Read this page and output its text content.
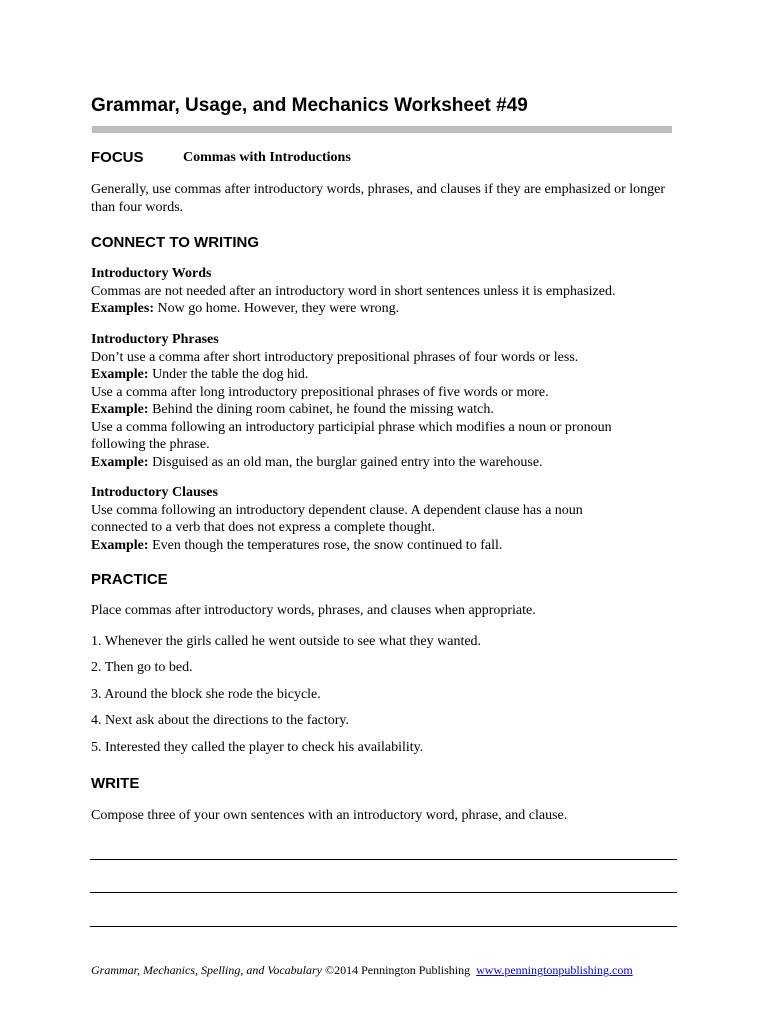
Grammar, Usage, and Mechanics Worksheet #49
FOCUS	Commas with Introductions
Generally, use commas after introductory words, phrases, and clauses if they are emphasized or longer than four words.
CONNECT TO WRITING
Introductory Words
Commas are not needed after an introductory word in short sentences unless it is emphasized.
Examples: Now go home. However, they were wrong.
Introductory Phrases
Don’t use a comma after short introductory prepositional phrases of four words or less.
Example: Under the table the dog hid.
Use a comma after long introductory prepositional phrases of five words or more.
Example: Behind the dining room cabinet, he found the missing watch.
Use a comma following an introductory participial phrase which modifies a noun or pronoun following the phrase.
Example: Disguised as an old man, the burglar gained entry into the warehouse.
Introductory Clauses
Use comma following an introductory dependent clause. A dependent clause has a noun connected to a verb that does not express a complete thought.
Example: Even though the temperatures rose, the snow continued to fall.
PRACTICE
Place commas after introductory words, phrases, and clauses when appropriate.
1. Whenever the girls called he went outside to see what they wanted.
2. Then go to bed.
3. Around the block she rode the bicycle.
4. Next ask about the directions to the factory.
5. Interested they called the player to check his availability.
WRITE
Compose three of your own sentences with an introductory word, phrase, and clause.
Grammar, Mechanics, Spelling, and Vocabulary ©2014 Pennington Publishing www.penningtonpublishing.com
